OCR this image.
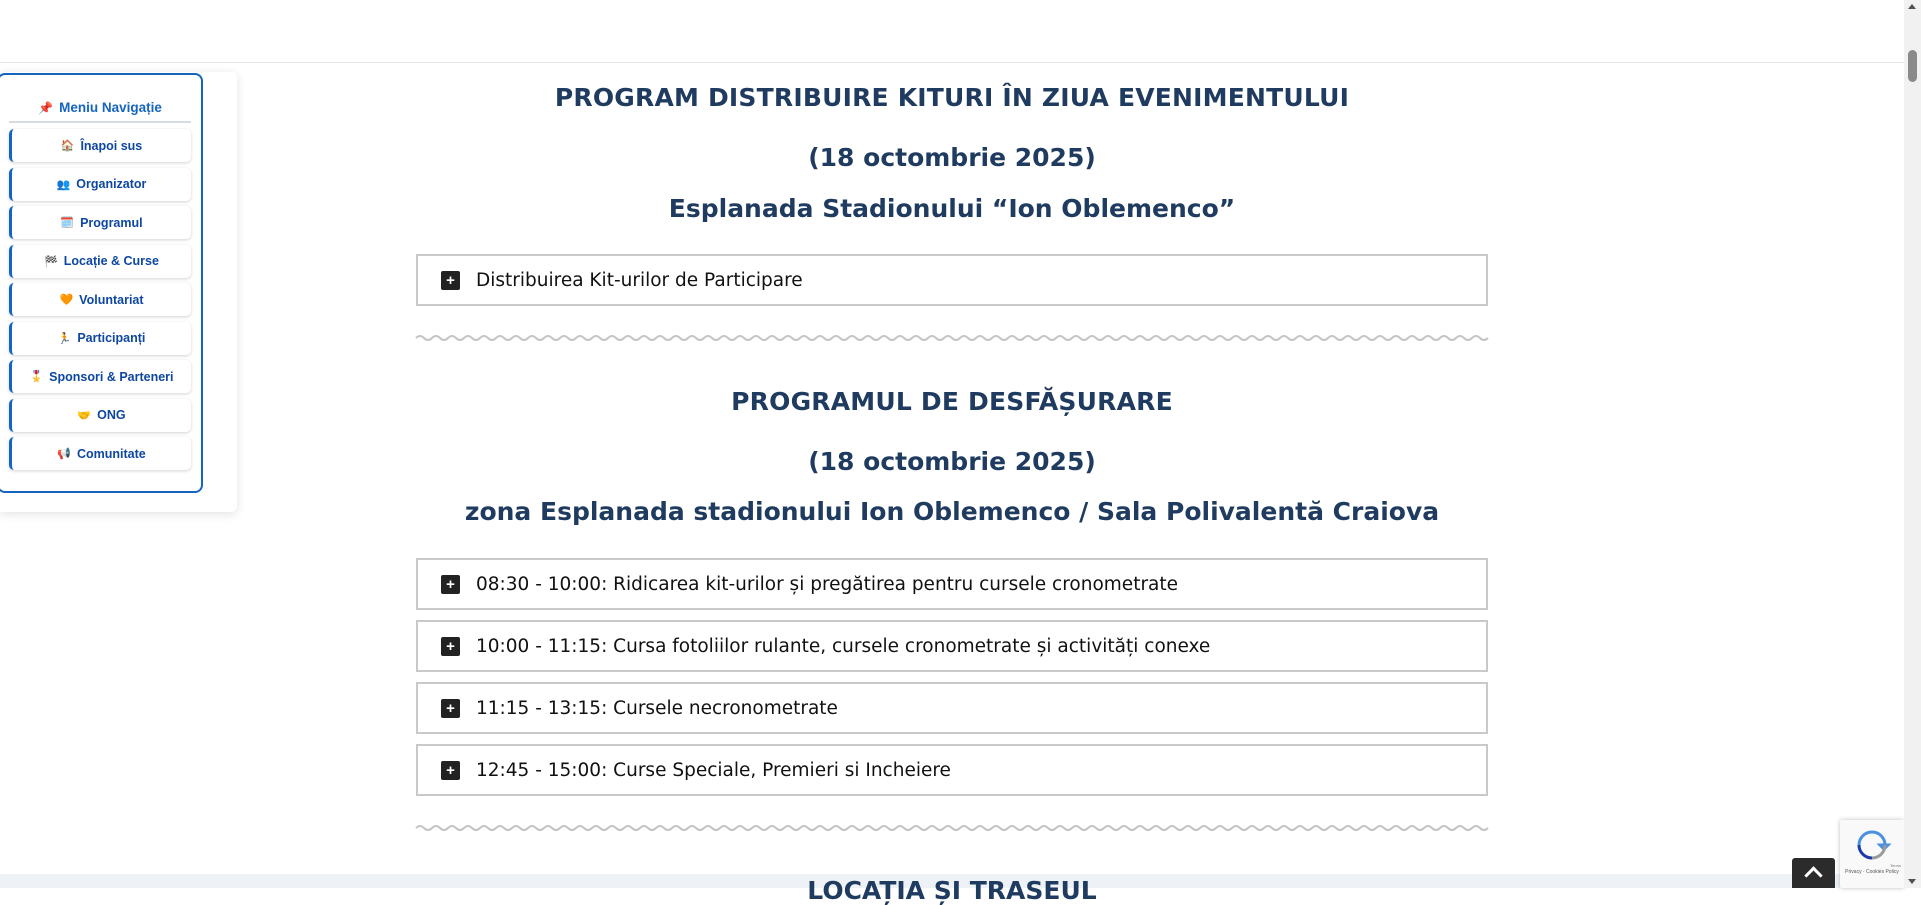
📌 Meniu Navigație
🏠 Înapoi sus
👥 Organizator
🗓️ Programul
🏁 Locație & Curse
🧡 Voluntariat
🏃 Participanți
🎖️ Sponsori & Parteneri
🤝 ONG
📢 Comunitate
PROGRAM DISTRIBUIRE KITURI ÎN ZIUA EVENIMENTULUI
(18 octombrie 2025)
Esplanada Stadionului “Ion Oblemenco”
+ Distribuirea Kit-urilor de Participare
PROGRAMUL DE DESFĂȘURARE
(18 octombrie 2025)
zona Esplanada stadionului Ion Oblemenco / Sala Polivalentă Craiova
+ 08:30 - 10:00: Ridicarea kit-urilor și pregătirea pentru cursele cronometrate
+ 10:00 - 11:15: Cursa fotoliilor rulante, cursele cronometrate și activități conexe
+ 11:15 - 13:15: Cursele necronometrate
+ 12:45 - 15:00: Curse Speciale, Premieri si Incheiere
LOCAȚIA ȘI TRASEUL
Terms
Privacy · Cookies Policy
